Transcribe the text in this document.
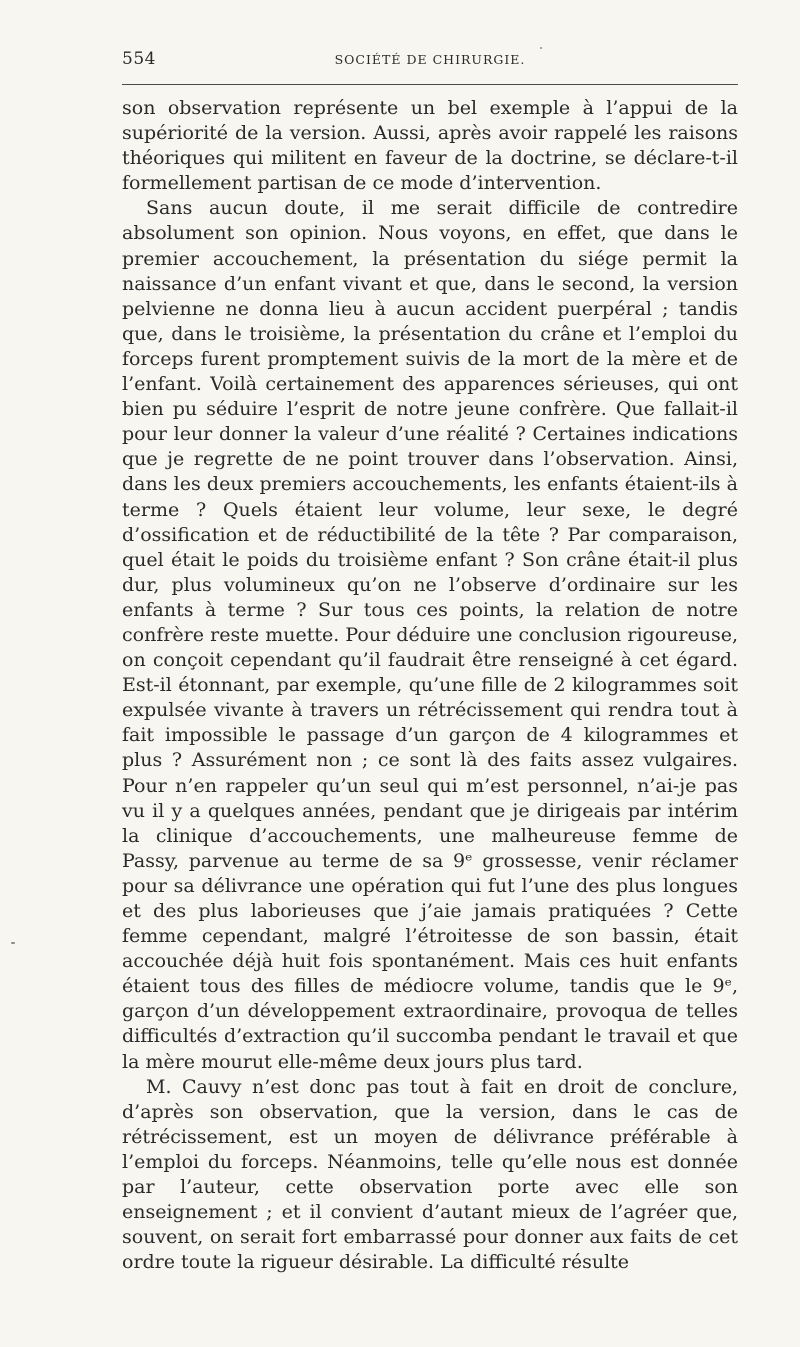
554	SOCIÉTÉ DE CHIRURGIE.

son observation représente un bel exemple à l’appui de la supériorité de la version. Aussi, après avoir rappelé les raisons théoriques qui militent en faveur de la doctrine, se déclare-t-il formellement partisan de ce mode d’intervention.

Sans aucun doute, il me serait difficile de contredire absolument son opinion. Nous voyons, en effet, que dans le premier accouchement, la présentation du siége permit la naissance d’un enfant vivant et que, dans le second, la version pelvienne ne donna lieu à aucun accident puerpéral ; tandis que, dans le troisième, la présentation du crâne et l’emploi du forceps furent promptement suivis de la mort de la mère et de l’enfant. Voilà certainement des apparences sérieuses, qui ont bien pu séduire l’esprit de notre jeune confrère. Que fallait-il pour leur donner la valeur d’une réalité ? Certaines indications que je regrette de ne point trouver dans l’observation. Ainsi, dans les deux premiers accouchements, les enfants étaient-ils à terme ? Quels étaient leur volume, leur sexe, le degré d’ossification et de réductibilité de la tête ? Par comparaison, quel était le poids du troisième enfant ? Son crâne était-il plus dur, plus volumineux qu’on ne l’observe d’ordinaire sur les enfants à terme ? Sur tous ces points, la relation de notre confrère reste muette. Pour déduire une conclusion rigoureuse, on conçoit cependant qu’il faudrait être renseigné à cet égard. Est-il étonnant, par exemple, qu’une fille de 2 kilogrammes soit expulsée vivante à travers un rétrécissement qui rendra tout à fait impossible le passage d’un garçon de 4 kilogrammes et plus ? Assurément non ; ce sont là des faits assez vulgaires. Pour n’en rappeler qu’un seul qui m’est personnel, n’ai-je pas vu il y a quelques années, pendant que je dirigeais par intérim la clinique d’accouchements, une malheureuse femme de Passy, parvenue au terme de sa 9ᵉ grossesse, venir réclamer pour sa délivrance une opération qui fut l’une des plus longues et des plus laborieuses que j’aie jamais pratiquées ? Cette femme cependant, malgré l’étroitesse de son bassin, était accouchée déjà huit fois spontanément. Mais ces huit enfants étaient tous des filles de médiocre volume, tandis que le 9ᵉ, garçon d’un développement extraordinaire, provoqua de telles difficultés d’extraction qu’il succomba pendant le travail et que la mère mourut elle-même deux jours plus tard.

M. Cauvy n’est donc pas tout à fait en droit de conclure, d’après son observation, que la version, dans le cas de rétrécissement, est un moyen de délivrance préférable à l’emploi du forceps. Néanmoins, telle qu’elle nous est donnée par l’auteur, cette observation porte avec elle son enseignement ; et il convient d’autant mieux de l’agréer que, souvent, on serait fort embarrassé pour donner aux faits de cet ordre toute la rigueur désirable. La difficulté résulte
